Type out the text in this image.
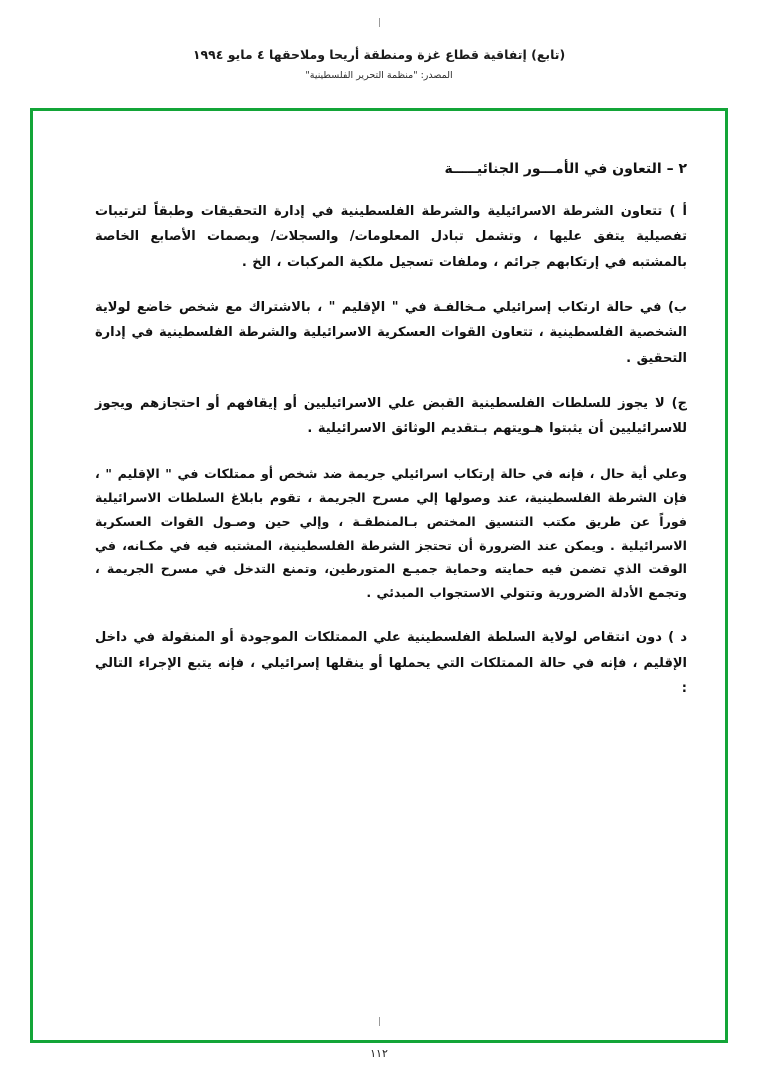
(تابع) إتفاقية قطاع غزة ومنطقة أريحا وملاحقها ٤ مايو ١٩٩٤
المصدر: "منظمة التحرير الفلسطينية"
٢ – التعاون في الأمـــور الجنائيـــــة

أ ) تتعاون الشرطة الاسرائيلية والشرطة الفلسطينية في إدارة التحقيقات وطبقاً لترتيبات تفصيلية يتفق عليها ، وتشمل تبادل المعلومات/ والسجلات/ وبصمات الأصابع الخاصة بالمشتبه في إرتكابهم جرائم ، وملفات تسجيل ملكية المركبات ، الخ .

ب) في حالة ارتكاب إسرائيلي مـخالفـة في " الإقليم " ، بالاشتراك مع شخص خاضع لولاية الشخصية الفلسطينية ، تتعاون القوات العسكرية الاسرائيلية والشرطة الفلسطينية في إدارة التحقيق .

ج) لا يجوز للسلطات الفلسطينية القبض علي الاسرائيليين أو إيقافهم أو احتجازهم ويجوز للاسرائيليين أن يثبتوا هـويتهم بـتقديم الوثائق الاسرائيلية .

وعلي أية حال ، فإنه في حالة إرتكاب اسرائيلي جريمة ضد شخص أو ممتلكات في " الإقليم " ، فإن الشرطة الفلسطينية، عند وصولها إلي مسرح الجريمة ، تقوم بابلاغ السلطات الاسرائيلية فوراً عن طريق مكتب التنسيق المختص بـالمنطقـة ، وإلي حين وصـول القوات العسكرية الاسرائيلية . ويمكن عند الضرورة أن تحتجز الشرطة الفلسطينية، المشتبه فيه في مكـانه، في الوقت الذي تضمن فيه حمايته وحماية جميـع المتورطين، وتمنع التدخل في مسرح الجريمة ، وتجمع الأدلة الضرورية وتتولي الاستجواب المبدئي .

د ) دون انتقاص لولاية السلطة الفلسطينية علي الممتلكات الموجودة أو المنقولة في داخل الإقليم ، فإنه في حالة الممتلكات التي يحملها أو ينقلها إسرائيلي ، فإنه يتبع الإجراء التالي :

١١٢
